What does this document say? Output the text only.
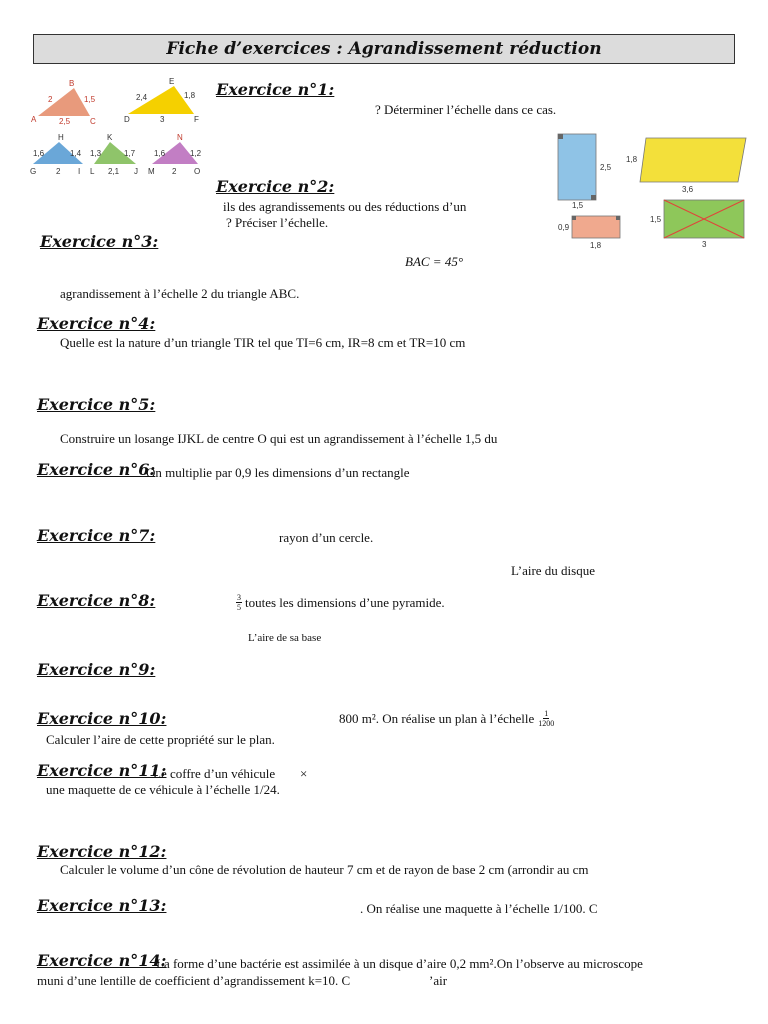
Fiche d’exercices : Agrandissement réduction
B
2	1,5
A	2,5 C
E
2,4	1,8
D	3	F
H
1,6	1,4
G 2 I
K
1,3	1,7
L 2,1 J
N
1,6	1,2
M 2 O	2,5
1,5
1,8
3,6
0,9
1,8
1,5
3
Exercice n°1:
? Déterminer l’échelle dans ce cas.
Exercice n°2:
ils des agrandissements ou des réductions d’un
? Préciser l’échelle.
Exercice n°3:
BAC = 45°
agrandissement à l’échelle 2 du triangle ABC.
Exercice n°4:
Quelle est la nature d’un triangle TIR tel que TI=6 cm, IR=8 cm et TR=10 cm
Exercice n°5:
Construire un losange IJKL de centre O qui est un agrandissement à l’échelle 1,5 du
Exercice n°6:
On multiplie par 0,9 les dimensions d’un rectangle
Exercice n°7:	rayon d’un cercle.
L’aire du disque
Exercice n°8:	$\frac{3}{5}$ toutes les dimensions d’une pyramide.
L’aire de sa base
Exercice n°9:
Exercice n°10:	800 m². On réalise un plan à l’échelle $\frac{1}{1200}$
Calculer l’aire de cette propriété sur le plan.
Exercice n°11:
Le coffre d’un véhicule ×
une maquette de ce véhicule à l’échelle 1/24.
Exercice n°12:
Calculer le volume d’un cône de révolution de hauteur 7 cm et de rayon de base 2 cm (arrondir au cm
Exercice n°13:	. On réalise une maquette à l’échelle 1/100. C
Exercice n°14:
La forme d’une bactérie est assimilée à un disque d’aire 0,2 mm².On l’observe au microscope
muni d’une lentille de coefficient d’agrandissement k=10. C	’air
